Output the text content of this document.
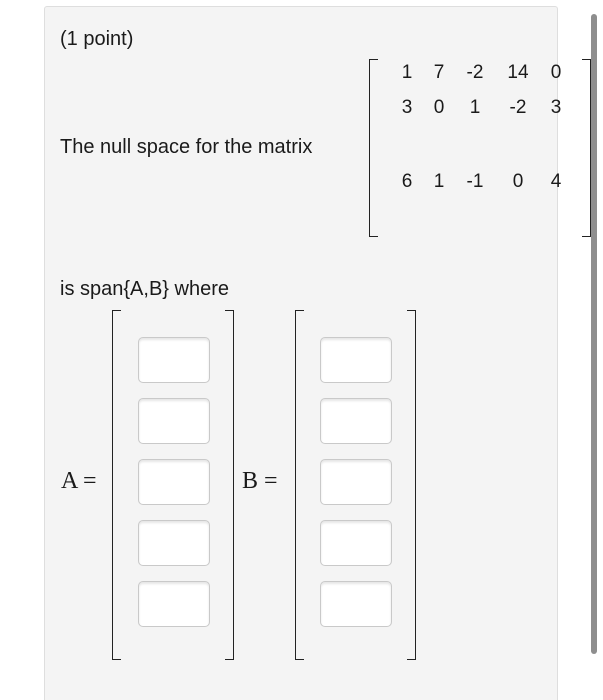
(1 point)
The null space for the matrix
1	7	-2	14	0
3	0	1	-2	3
6	1	-1	0	4
is span{A,B} where
A =	B =
